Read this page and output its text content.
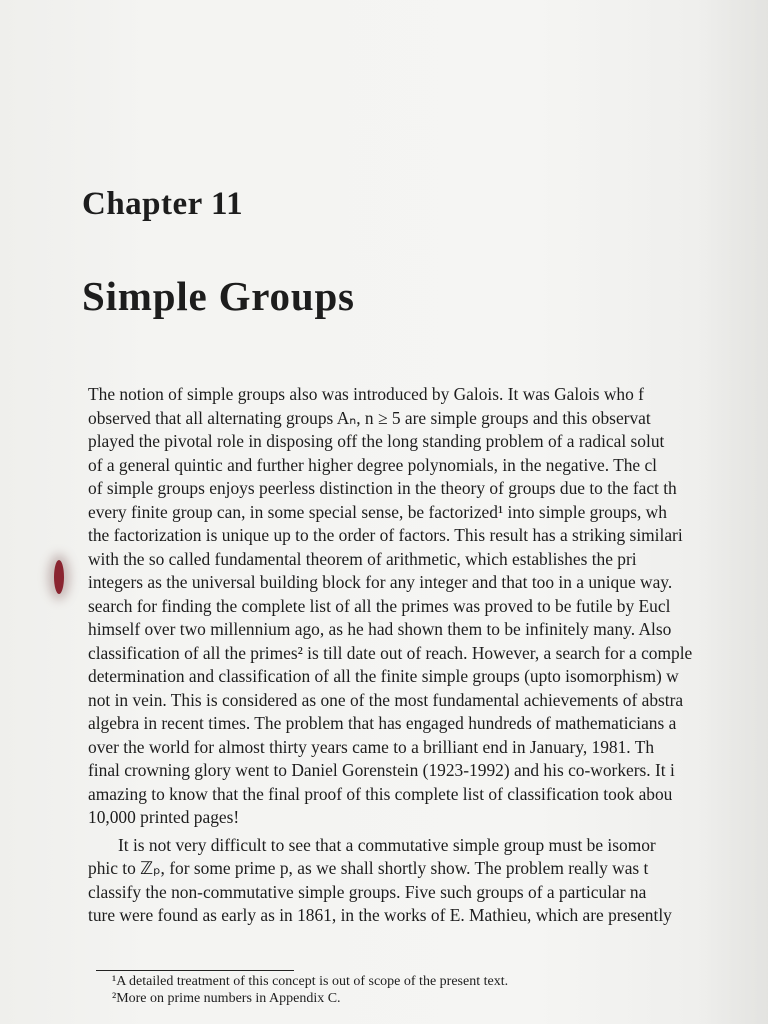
Chapter 11
Simple Groups
The notion of simple groups also was introduced by Galois. It was Galois who f
observed that all alternating groups Aₙ, n ≥ 5 are simple groups and this observat
played the pivotal role in disposing off the long standing problem of a radical solut
of a general quintic and further higher degree polynomials, in the negative. The cl
of simple groups enjoys peerless distinction in the theory of groups due to the fact th
every finite group can, in some special sense, be factorized¹ into simple groups, wh
the factorization is unique up to the order of factors. This result has a striking similari
with the so called fundamental theorem of arithmetic, which establishes the pri
integers as the universal building block for any integer and that too in a unique way.
search for finding the complete list of all the primes was proved to be futile by Eucl
himself over two millennium ago, as he had shown them to be infinitely many. Also
classification of all the primes² is till date out of reach. However, a search for a comple
determination and classification of all the finite simple groups (upto isomorphism) w
not in vein. This is considered as one of the most fundamental achievements of abstra
algebra in recent times. The problem that has engaged hundreds of mathematicians a
over the world for almost thirty years came to a brilliant end in January, 1981. Th
final crowning glory went to Daniel Gorenstein (1923-1992) and his co-workers. It i
amazing to know that the final proof of this complete list of classification took abou
10,000 printed pages!
It is not very difficult to see that a commutative simple group must be isomor
phic to ℤₚ, for some prime p, as we shall shortly show. The problem really was t
classify the non-commutative simple groups. Five such groups of a particular na
ture were found as early as in 1861, in the works of E. Mathieu, which are presently
¹A detailed treatment of this concept is out of scope of the present text.
²More on prime numbers in Appendix C.
